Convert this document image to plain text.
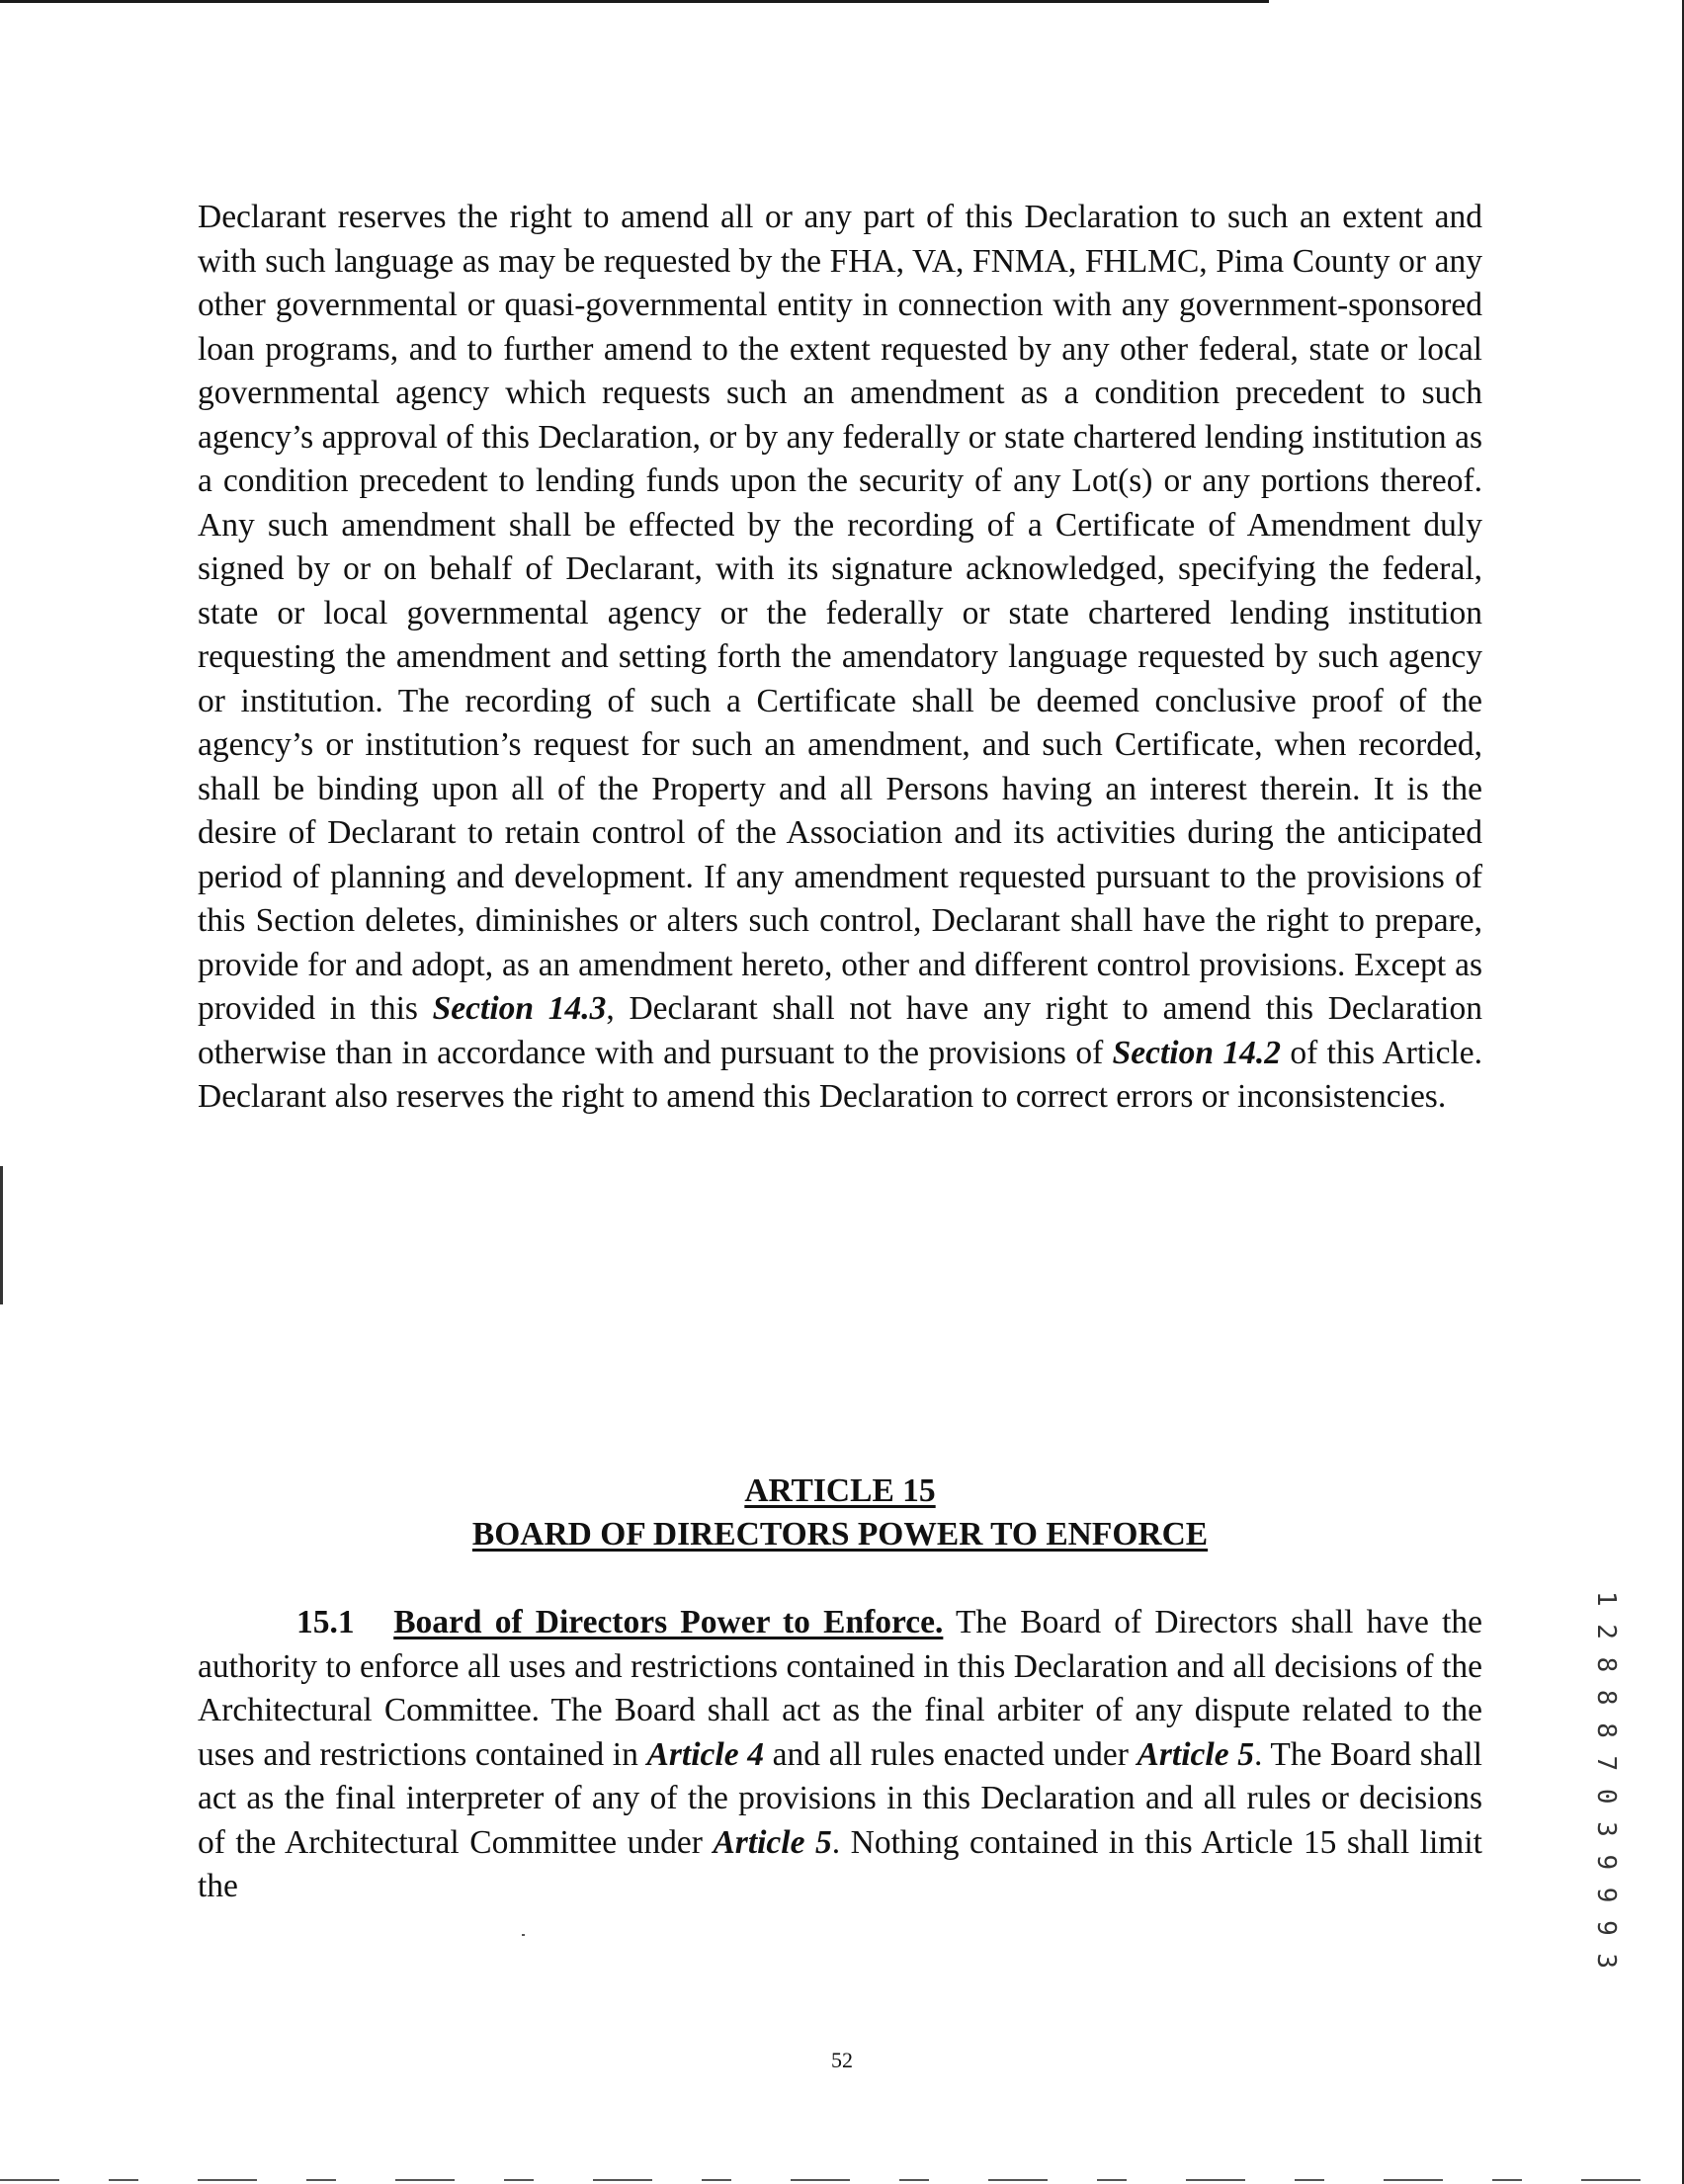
Declarant reserves the right to amend all or any part of this Declaration to such an extent and with such language as may be requested by the FHA, VA, FNMA, FHLMC, Pima County or any other governmental or quasi-governmental entity in connection with any government-sponsored loan programs, and to further amend to the extent requested by any other federal, state or local governmental agency which requests such an amendment as a condition precedent to such agency’s approval of this Declaration, or by any federally or state chartered lending institution as a condition precedent to lending funds upon the security of any Lot(s) or any portions thereof. Any such amendment shall be effected by the recording of a Certificate of Amendment duly signed by or on behalf of Declarant, with its signature acknowledged, specifying the federal, state or local governmental agency or the federally or state chartered lending institution requesting the amendment and setting forth the amendatory language requested by such agency or institution. The recording of such a Certificate shall be deemed conclusive proof of the agency’s or institution’s request for such an amendment, and such Certificate, when recorded, shall be binding upon all of the Property and all Persons having an interest therein. It is the desire of Declarant to retain control of the Association and its activities during the anticipated period of planning and development. If any amendment requested pursuant to the provisions of this Section deletes, diminishes or alters such control, Declarant shall have the right to prepare, provide for and adopt, as an amendment hereto, other and different control provisions. Except as provided in this Section 14.3, Declarant shall not have any right to amend this Declaration otherwise than in accordance with and pursuant to the provisions of Section 14.2 of this Article. Declarant also reserves the right to amend this Declaration to correct errors or inconsistencies.
ARTICLE 15
BOARD OF DIRECTORS POWER TO ENFORCE
15.1 Board of Directors Power to Enforce. The Board of Directors shall have the authority to enforce all uses and restrictions contained in this Declaration and all decisions of the Architectural Committee. The Board shall act as the final arbiter of any dispute related to the uses and restrictions contained in Article 4 and all rules enacted under Article 5. The Board shall act as the final interpreter of any of the provisions in this Declaration and all rules or decisions of the Architectural Committee under Article 5. Nothing contained in this Article 15 shall limit the	1 2 8 8 8 7 0 3 9 9 9 3
52
